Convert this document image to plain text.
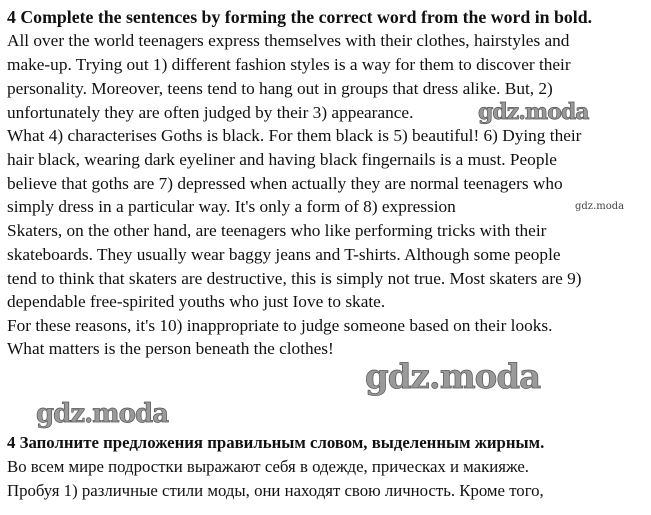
4 Complete the sentences by forming the correct word from the word in bold.
All over the world teenagers express themselves with their clothes, hairstyles and
make-up. Trying out 1) different fashion styles is a way for them to discover their
personality. Moreover, teens tend to hang out in groups that dress alike. But, 2)
unfortunately they are often judged by their 3) appearance.
What 4) characterises Goths is black. For them black is 5) beautiful! 6) Dying their
hair black, wearing dark eyeliner and having black fingernails is a must. People
believe that goths are 7) depressed when actually they are normal teenagers who
simply dress in a particular way. It's only a form of 8) expression
Skaters, on the other hand, are teenagers who like performing tricks with their
skateboards. They usually wear baggy jeans and T-shirts. Although some people
tend to think that skaters are destructive, this is simply not true. Most skaters are 9)
dependable free-spirited youths who just Iove to skate.
For these reasons, it's 10) inappropriate to judge someone based on their looks.
What matters is the person beneath the clothes!
4 Заполните предложения правильным словом, выделенным жирным.
Во всем мире подростки выражают себя в одежде, прическах и макияже.
Пробуя 1) различные стили моды, они находят свою личность. Кроме того,
gdz.moda
gdz.moda
gdz.moda
gdz.moda
